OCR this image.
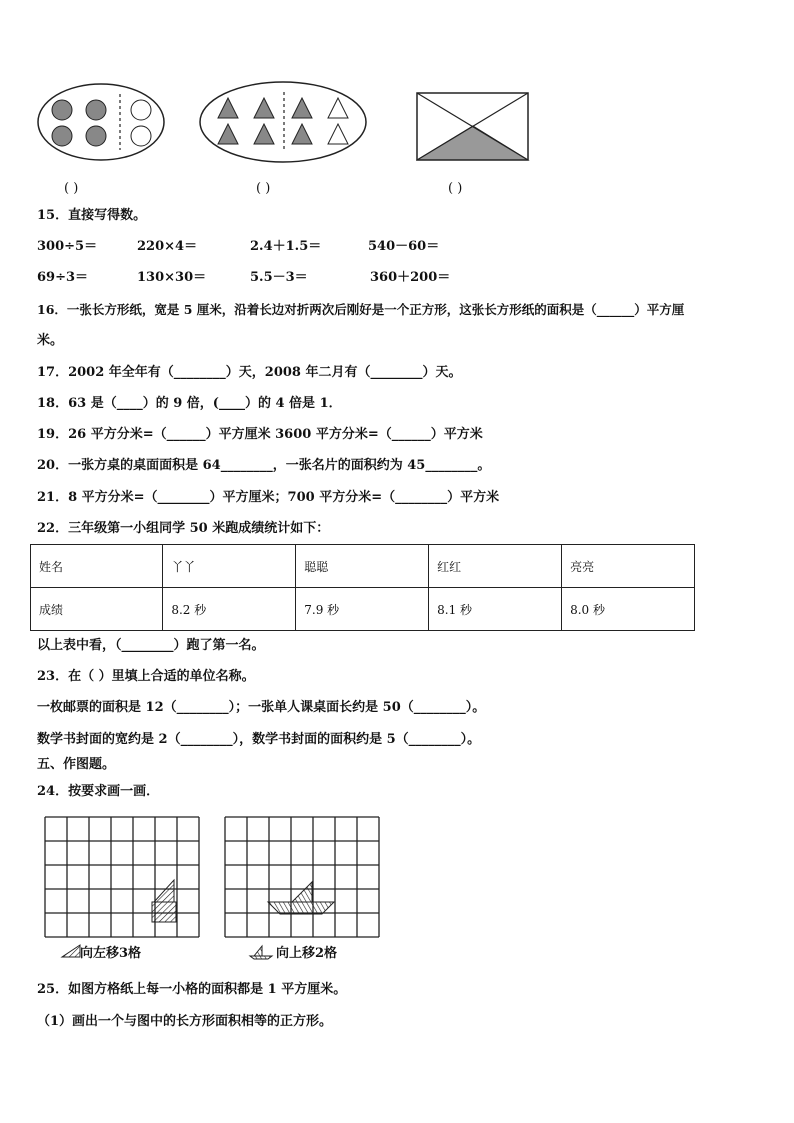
( )	( )	( )
15．直接写得数。
300÷5＝	220×4＝	2.4＋1.5＝	540－60＝
69÷3＝	130×30＝	5.5－3＝	360＋200＝
16．一张长方形纸，宽是 5 厘米，沿着长边对折两次后刚好是一个正方形，这张长方形纸的面积是（______）平方厘
米。
17．2002 年全年有（________）天，2008 年二月有（________）天。
18．63 是（____）的 9 倍，(____）的 4 倍是 1．
19．26 平方分米=（______）平方厘米 3600 平方分米=（______）平方米
20．一张方桌的桌面面积是 64________，一张名片的面积约为 45________。
21．8 平方分米=（________）平方厘米；700 平方分米=（________）平方米
22．三年级第一小组同学 50 米跑成绩统计如下：
姓名	丫丫	聪聪	红红	亮亮
成绩	8.2 秒	7.9 秒	8.1 秒	8.0 秒
以上表中看，（________）跑了第一名。
23．在（ ）里填上合适的单位名称。
一枚邮票的面积是 12（________）；一张单人课桌面长约是 50（________）。
数学书封面的宽约是 2（________），数学书封面的面积约是 5（________）。
五、作图题。
24．按要求画一画．
向左移3格	向上移2格
25．如图方格纸上每一小格的面积都是 1 平方厘米。
（1）画出一个与图中的长方形面积相等的正方形。
